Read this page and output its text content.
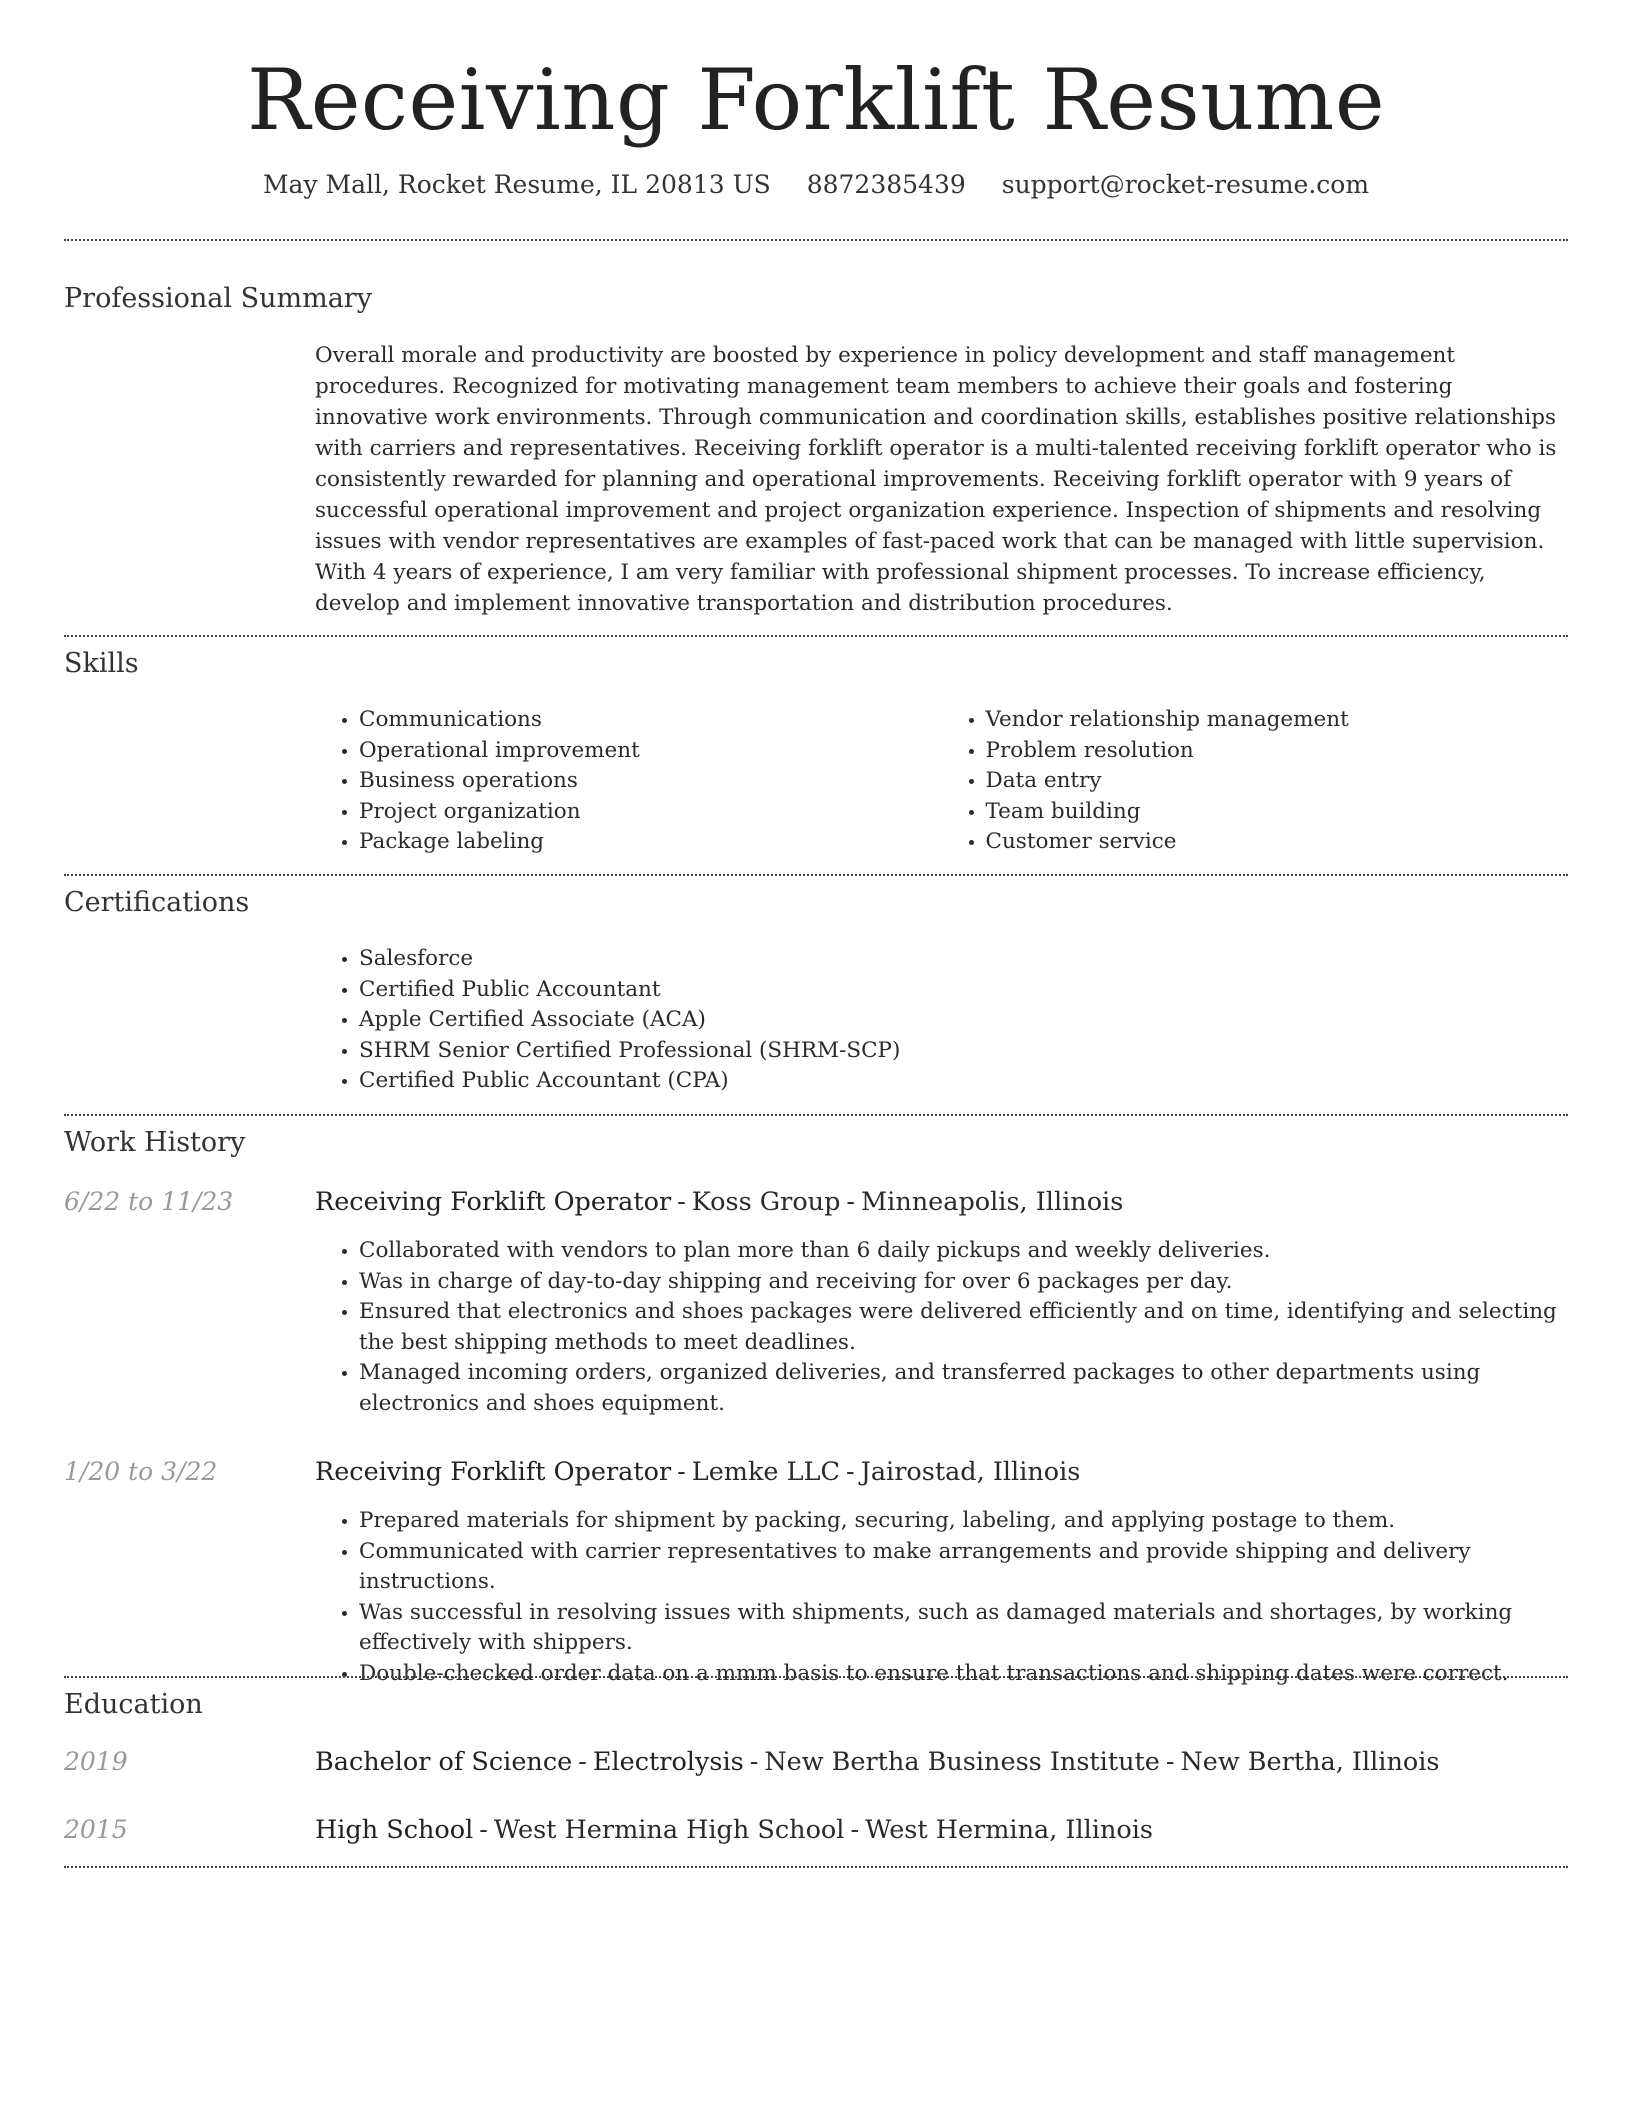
Receiving Forklift Resume
May Mall, Rocket Resume, IL 20813 US 8872385439 support@rocket-resume.com
Professional Summary
Overall morale and productivity are boosted by experience in policy development and staff management procedures. Recognized for motivating management team members to achieve their goals and fostering innovative work environments. Through communication and coordination skills, establishes positive relationships with carriers and representatives. Receiving forklift operator is a multi-talented receiving forklift operator who is consistently rewarded for planning and operational improvements. Receiving forklift operator with 9 years of successful operational improvement and project organization experience. Inspection of shipments and resolving issues with vendor representatives are examples of fast-paced work that can be managed with little supervision. With 4 years of experience, I am very familiar with professional shipment processes. To increase efficiency, develop and implement innovative transportation and distribution procedures.
Skills
• Communications
• Operational improvement
• Business operations
• Project organization
• Package labeling
• Vendor relationship management
• Problem resolution
• Data entry
• Team building
• Customer service
Certifications
• Salesforce
• Certified Public Accountant
• Apple Certified Associate (ACA)
• SHRM Senior Certified Professional (SHRM-SCP)
• Certified Public Accountant (CPA)
Work History
6/22 to 11/23	Receiving Forklift Operator - Koss Group - Minneapolis, Illinois
• Collaborated with vendors to plan more than 6 daily pickups and weekly deliveries.
• Was in charge of day-to-day shipping and receiving for over 6 packages per day.
• Ensured that electronics and shoes packages were delivered efficiently and on time, identifying and selecting the best shipping methods to meet deadlines.
• Managed incoming orders, organized deliveries, and transferred packages to other departments using electronics and shoes equipment.
1/20 to 3/22	Receiving Forklift Operator - Lemke LLC - Jairostad, Illinois
• Prepared materials for shipment by packing, securing, labeling, and applying postage to them.
• Communicated with carrier representatives to make arrangements and provide shipping and delivery instructions.
• Was successful in resolving issues with shipments, such as damaged materials and shortages, by working effectively with shippers.
• Double-checked order data on a mmm basis to ensure that transactions and shipping dates were correct.
Education
2019	Bachelor of Science - Electrolysis - New Bertha Business Institute - New Bertha, Illinois
2015	High School - West Hermina High School - West Hermina, Illinois
